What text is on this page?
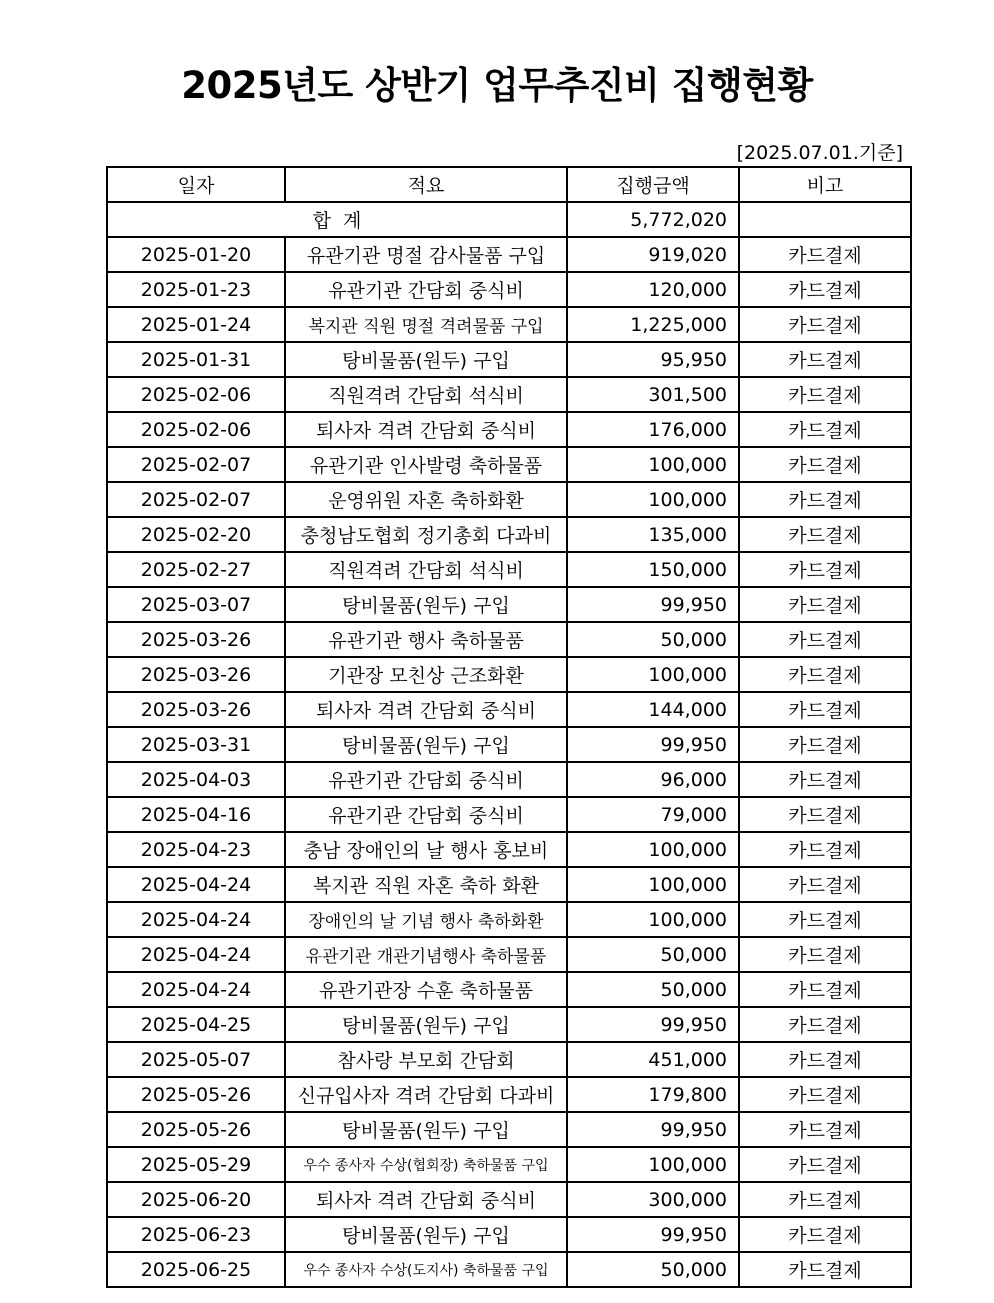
2025년도 상반기 업무추진비 집행현황
[2025.07.01.기준]
일자	적요	집행금액	비고
합  계		5,772,020	
2025-01-20	유관기관 명절 감사물품 구입	919,020	카드결제
2025-01-23	유관기관 간담회 중식비	120,000	카드결제
2025-01-24	복지관 직원 명절 격려물품 구입	1,225,000	카드결제
2025-01-31	탕비물품(원두) 구입	95,950	카드결제
2025-02-06	직원격려 간담회 석식비	301,500	카드결제
2025-02-06	퇴사자 격려 간담회 중식비	176,000	카드결제
2025-02-07	유관기관 인사발령 축하물품	100,000	카드결제
2025-02-07	운영위원 자혼 축하화환	100,000	카드결제
2025-02-20	충청남도협회 정기총회 다과비	135,000	카드결제
2025-02-27	직원격려 간담회 석식비	150,000	카드결제
2025-03-07	탕비물품(원두) 구입	99,950	카드결제
2025-03-26	유관기관 행사 축하물품	50,000	카드결제
2025-03-26	기관장 모친상 근조화환	100,000	카드결제
2025-03-26	퇴사자 격려 간담회 중식비	144,000	카드결제
2025-03-31	탕비물품(원두) 구입	99,950	카드결제
2025-04-03	유관기관 간담회 중식비	96,000	카드결제
2025-04-16	유관기관 간담회 중식비	79,000	카드결제
2025-04-23	충남 장애인의 날 행사 홍보비	100,000	카드결제
2025-04-24	복지관 직원 자혼 축하 화환	100,000	카드결제
2025-04-24	장애인의 날 기념 행사 축하화환	100,000	카드결제
2025-04-24	유관기관 개관기념행사 축하물품	50,000	카드결제
2025-04-24	유관기관장 수훈 축하물품	50,000	카드결제
2025-04-25	탕비물품(원두) 구입	99,950	카드결제
2025-05-07	참사랑 부모회 간담회	451,000	카드결제
2025-05-26	신규입사자 격려 간담회 다과비	179,800	카드결제
2025-05-26	탕비물품(원두) 구입	99,950	카드결제
2025-05-29	우수 종사자 수상(협회장) 축하물품 구입	100,000	카드결제
2025-06-20	퇴사자 격려 간담회 중식비	300,000	카드결제
2025-06-23	탕비물품(원두) 구입	99,950	카드결제
2025-06-25	우수 종사자 수상(도지사) 축하물품 구입	50,000	카드결제
